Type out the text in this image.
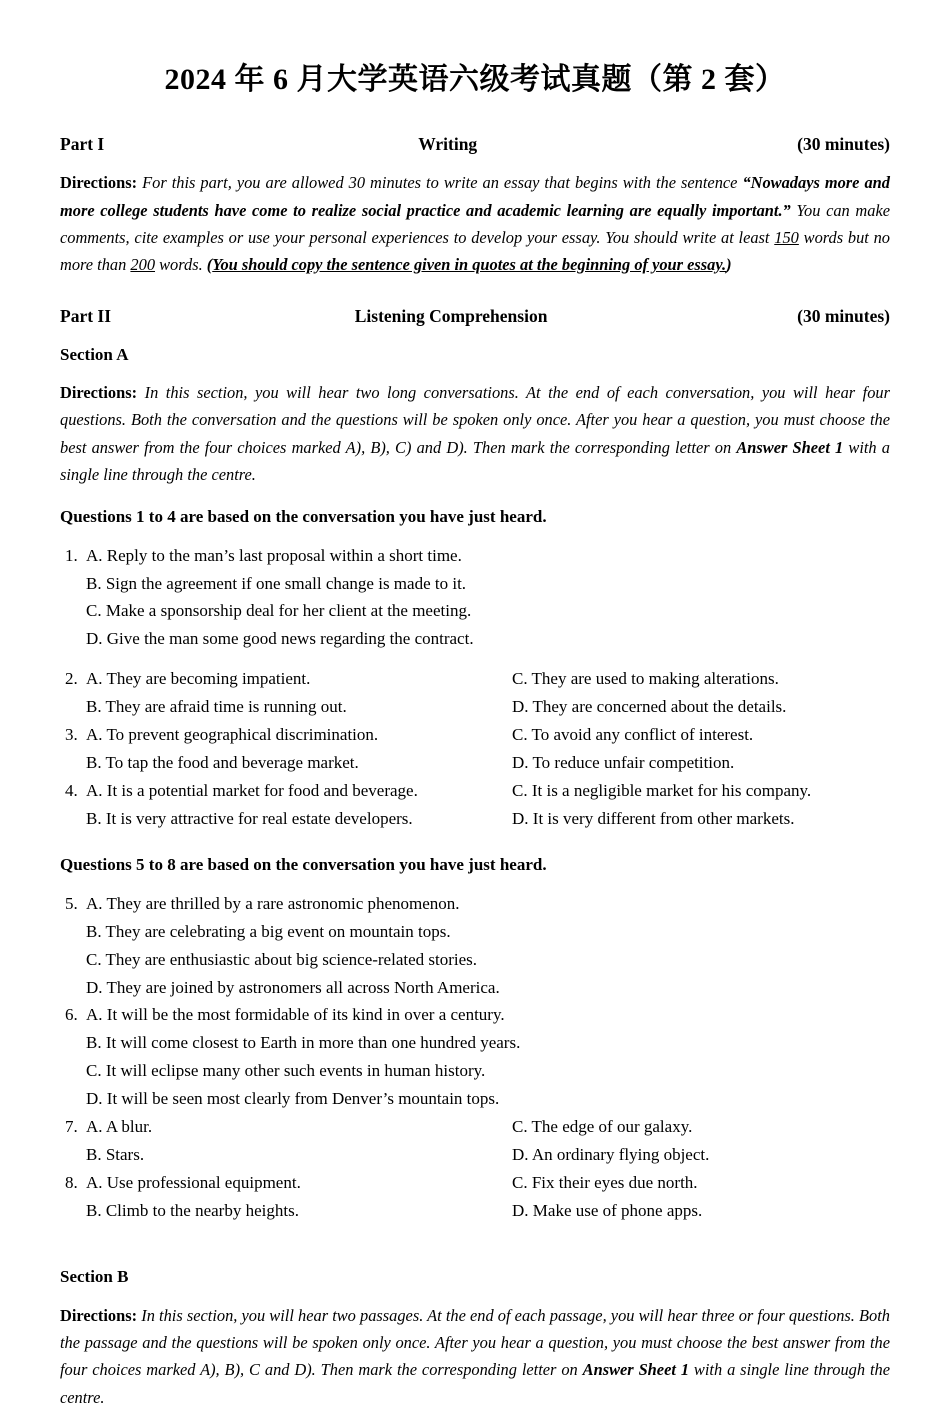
2024 年 6 月大学英语六级考试真题（第 2 套）
Part I	Writing	(30 minutes)

Directions: For this part, you are allowed 30 minutes to write an essay that begins with the sentence “Nowadays more and more college students have come to realize social practice and academic learning are equally important.” You can make comments, cite examples or use your personal experiences to develop your essay. You should write at least 150 words but no more than 200 words. (You should copy the sentence given in quotes at the beginning of your essay.)

Part II	Listening Comprehension	(30 minutes)
Section A

Directions: In this section, you will hear two long conversations. At the end of each conversation, you will hear four questions. Both the conversation and the questions will be spoken only once. After you hear a question, you must choose the best answer from the four choices marked A), B), C) and D). Then mark the corresponding letter on Answer Sheet 1 with a single line through the centre.

Questions 1 to 4 are based on the conversation you have just heard.
1. A. Reply to the man’s last proposal within a short time.
B. Sign the agreement if one small change is made to it.
C. Make a sponsorship deal for her client at the meeting.
D. Give the man some good news regarding the contract.
2. A. They are becoming impatient.	C. They are used to making alterations.
B. They are afraid time is running out.	D. They are concerned about the details.
3. A. To prevent geographical discrimination.	C. To avoid any conflict of interest.
B. To tap the food and beverage market.	D. To reduce unfair competition.
4. A. It is a potential market for food and beverage.	C. It is a negligible market for his company.
B. It is very attractive for real estate developers.	D. It is very different from other markets.
Questions 5 to 8 are based on the conversation you have just heard.
5. A. They are thrilled by a rare astronomic phenomenon.
B. They are celebrating a big event on mountain tops.
C. They are enthusiastic about big science-related stories.
D. They are joined by astronomers all across North America.
6. A. It will be the most formidable of its kind in over a century.
B. It will come closest to Earth in more than one hundred years.
C. It will eclipse many other such events in human history.
D. It will be seen most clearly from Denver’s mountain tops.
7. A. A blur.	C. The edge of our galaxy.
B. Stars.	D. An ordinary flying object.
8. A. Use professional equipment.	C. Fix their eyes due north.
B. Climb to the nearby heights.	D. Make use of phone apps.
Section B

Directions: In this section, you will hear two passages. At the end of each passage, you will hear three or four questions. Both the passage and the questions will be spoken only once. After you hear a question, you must choose the best answer from the four choices marked A), B), C and D). Then mark the corresponding letter on Answer Sheet 1 with a single line through the centre.
